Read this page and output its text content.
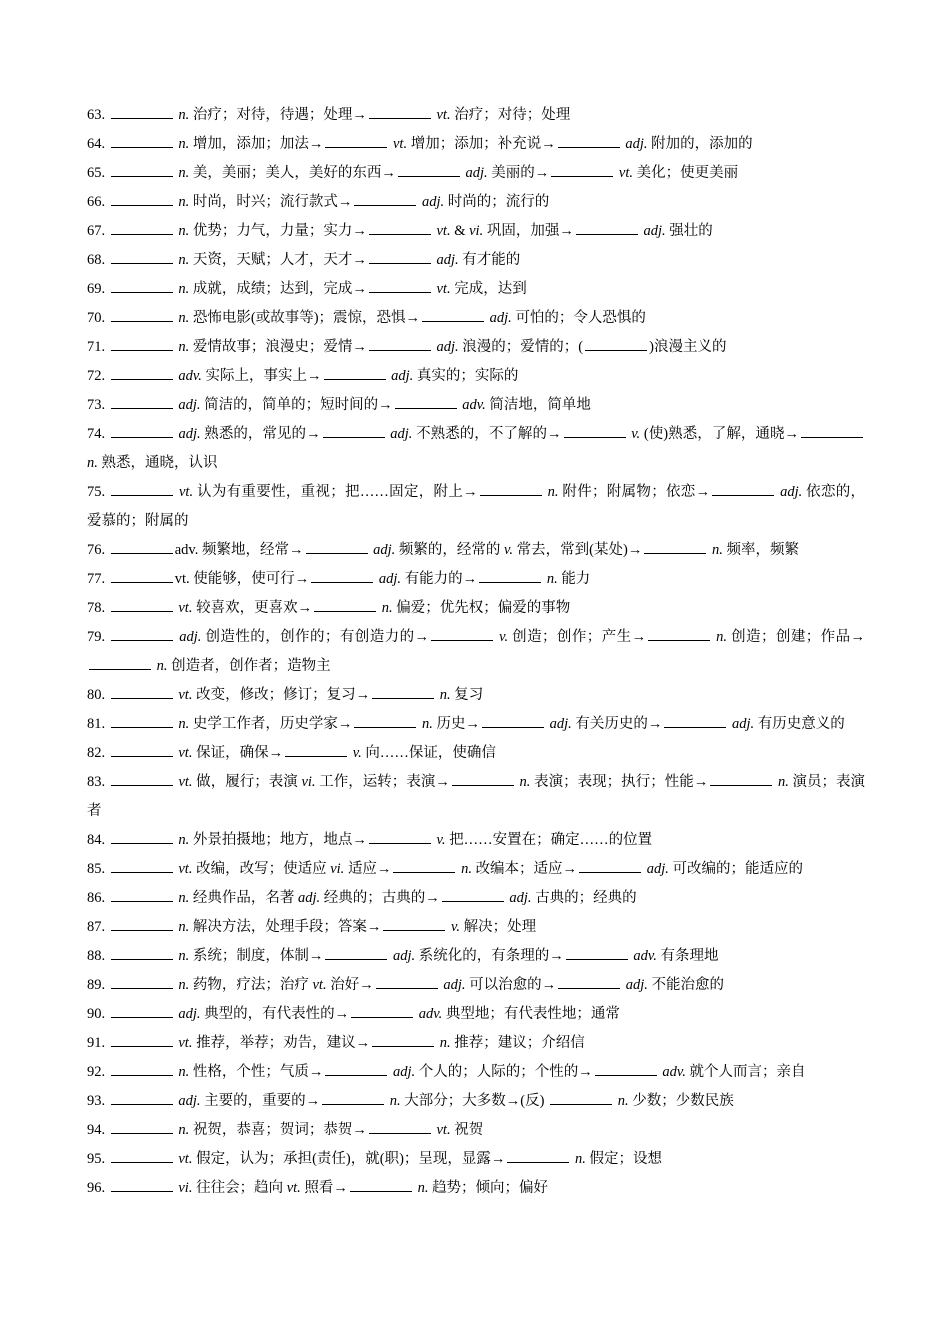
63.	n. 治疗；对待，待遇；处理→	vt. 治疗；对待；处理

64.	n. 增加，添加；加法→	vt. 增加；添加；补充说→	adj. 附加的，添加的

65.	n. 美，美丽；美人，美好的东西→	adj. 美丽的→	vt. 美化；使更美丽

66.	n. 时尚，时兴；流行款式→	adj. 时尚的；流行的

67.	n. 优势；力气，力量；实力→	vt. & vi. 巩固，加强→	adj. 强壮的

68.	n. 天资，天赋；人才，天才→	adj. 有才能的

69.	n. 成就，成绩；达到，完成→	vt. 完成，达到

70.	n. 恐怖电影(或故事等)；震惊，恐惧→	adj. 可怕的；令人恐惧的

71.	n. 爱情故事；浪漫史；爱情→	adj. 浪漫的；爱情的；(	)浪漫主义的

72.	adv. 实际上，事实上→	adj. 真实的；实际的

73.	adj. 简洁的，简单的；短时间的→	adv. 简洁地，简单地

74.	adj. 熟悉的，常见的→	adj. 不熟悉的，不了解的→	v. (使)熟悉，了解，通晓→ n. 熟悉，通晓，认识

75.	vt. 认为有重要性，重视；把……固定，附上→	n. 附件；附属物；依恋→	adj. 依恋的，爱慕的；附属的

76.	adv. 频繁地，经常→	adj. 频繁的，经常的 v. 常去，常到(某处)→	n. 频率，频繁

77.	vt. 使能够，使可行→	adj. 有能力的→	n. 能力

78.	vt. 较喜欢，更喜欢→	n. 偏爱；优先权；偏爱的事物

79.	adj. 创造性的，创作的；有创造力的→	v. 创造；创作；产生→	n. 创造；创建；作品→ n. 创造者，创作者；造物主

80.	vt. 改变，修改；修订；复习→	n. 复习

81.	n. 史学工作者，历史学家→	n. 历史→	adj. 有关历史的→	adj. 有历史意义的

82.	vt. 保证，确保→	v. 向……保证，使确信

83.	vt. 做，履行；表演 vi. 工作，运转；表演→	n. 表演；表现；执行；性能→	n. 演员；表演者

84.	n. 外景拍摄地；地方，地点→	v. 把……安置在；确定……的位置

85.	vt. 改编，改写；使适应 vi. 适应→	n. 改编本；适应→	adj. 可改编的；能适应的

86.	n. 经典作品，名著 adj. 经典的；古典的→	adj. 古典的；经典的

87.	n. 解决方法，处理手段；答案→	v. 解决；处理

88.	n. 系统；制度，体制→	adj. 系统化的，有条理的→	adv. 有条理地

89.	n. 药物，疗法；治疗 vt. 治好→	adj. 可以治愈的→	adj. 不能治愈的

90.	adj. 典型的，有代表性的→	adv. 典型地；有代表性地；通常

91.	vt. 推荐，举荐；劝告，建议→	n. 推荐；建议；介绍信

92.	n. 性格，个性；气质→	adj. 个人的；人际的；个性的→	adv. 就个人而言；亲自

93.	adj. 主要的，重要的→	n. 大部分；大多数→(反)	n. 少数；少数民族

94.	n. 祝贺，恭喜；贺词；恭贺→	vt. 祝贺

95.	vt. 假定，认为；承担(责任)，就(职)；呈现，显露→	n. 假定；设想

96.	vi. 往往会；趋向 vt. 照看→	n. 趋势；倾向；偏好
